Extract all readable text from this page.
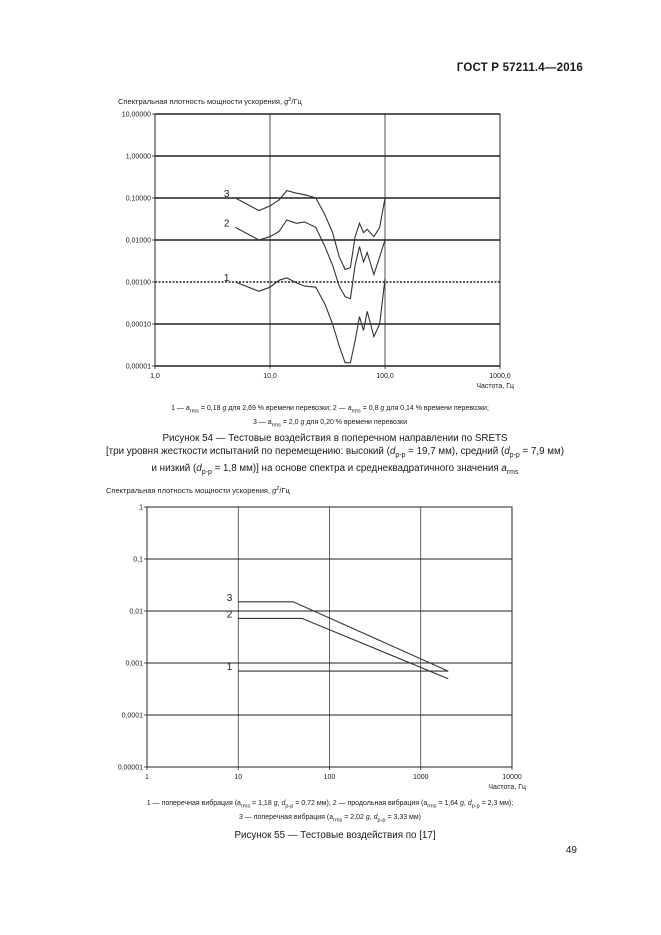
ГОСТ Р 57211.4—2016
Спектральная плотность мощности ускорения, $g^2/Гц$
10,00000
1,00000
0,10000
0,01000
0,00100
0,00010
0,00001
1,0	10,0	100,0	1000,0
Частота, Гц
1
2
3
1 — $a_{rms} = 0,18$ g для 2,69 % времени перевозки; 2 — $a_{rms} = 0,8$ g для 0,14 % времени перевозки;
3 — $a_{rms} = 2,0$ g для 0,20 % времени перевозки
Рисунок 54 — Тестовые воздействия в поперечном направлении по SRETS
[три уровня жесткости испытаний по перемещению: высокий ($d_{p-p} = 19,7$ мм), средний ($d_{p-p} = 7,9$ мм)
и низкий ($d_{p-p} = 1,8$ мм)] на основе спектра и среднеквадратичного значения $a_{rms}$
Спектральная плотность мощности ускорения, $g^2/Гц$
1
0,1
0,01
0,001
0,0001
0,00001
1	10	100	1000	10000
Частота, Гц
1
2
3
1 — поперечная вибрация ($a_{rms} = 1,18$ g, $d_{p-p} = 0,72$ мм); 2 — продольная вибрация ($a_{rms} = 1,64$ g, $d_{p-p} = 2,3$ мм);
3 — поперечная вибрация ($a_{rms} = 2,02$ g, $d_{p-p} = 3,33$ мм)
Рисунок 55 — Тестовые воздействия по [17]
49
